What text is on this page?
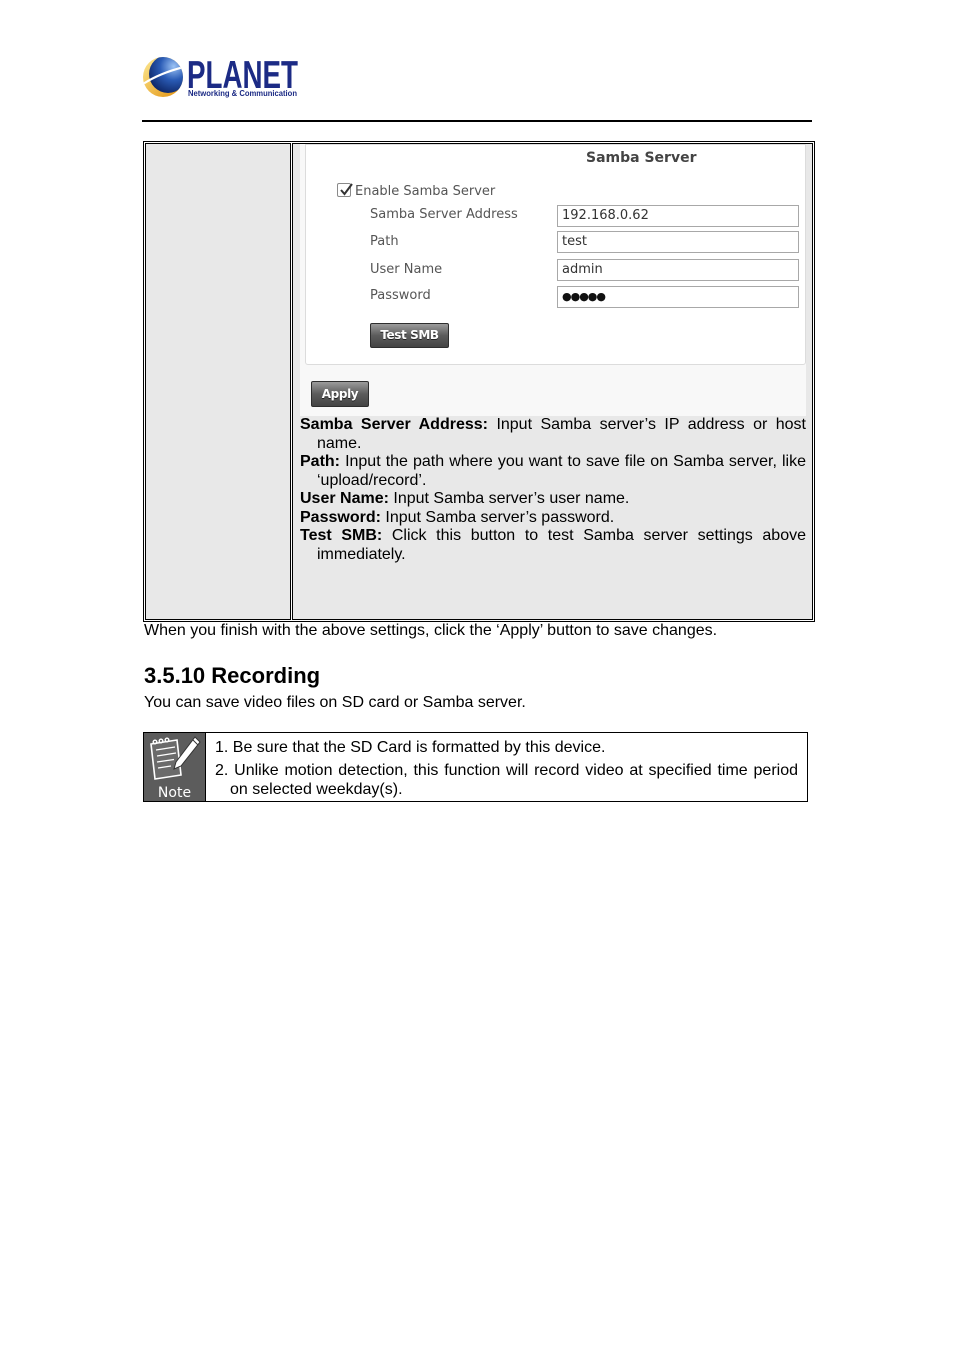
PLANET
Networking & Communication
Samba Server
Enable Samba Server
Samba Server Address	192.168.0.62
Path	test
User Name	admin
Password	●●●●●
Test SMB
Apply

Samba Server Address: Input Samba server’s IP address or host name.

Path: Input the path where you want to save file on Samba server, like ‘upload/record’.

User Name: Input Samba server’s user name.

Password: Input Samba server’s password.

Test SMB: Click this button to test Samba server settings above immediately.

When you finish with the above settings, click the ‘Apply’ button to save changes.
3.5.10 Recording
You can save video files on SD card or Samba server.
Note

1. Be sure that the SD Card is formatted by this device.

2. Unlike motion detection, this function will record video at specified time period on selected weekday(s).
